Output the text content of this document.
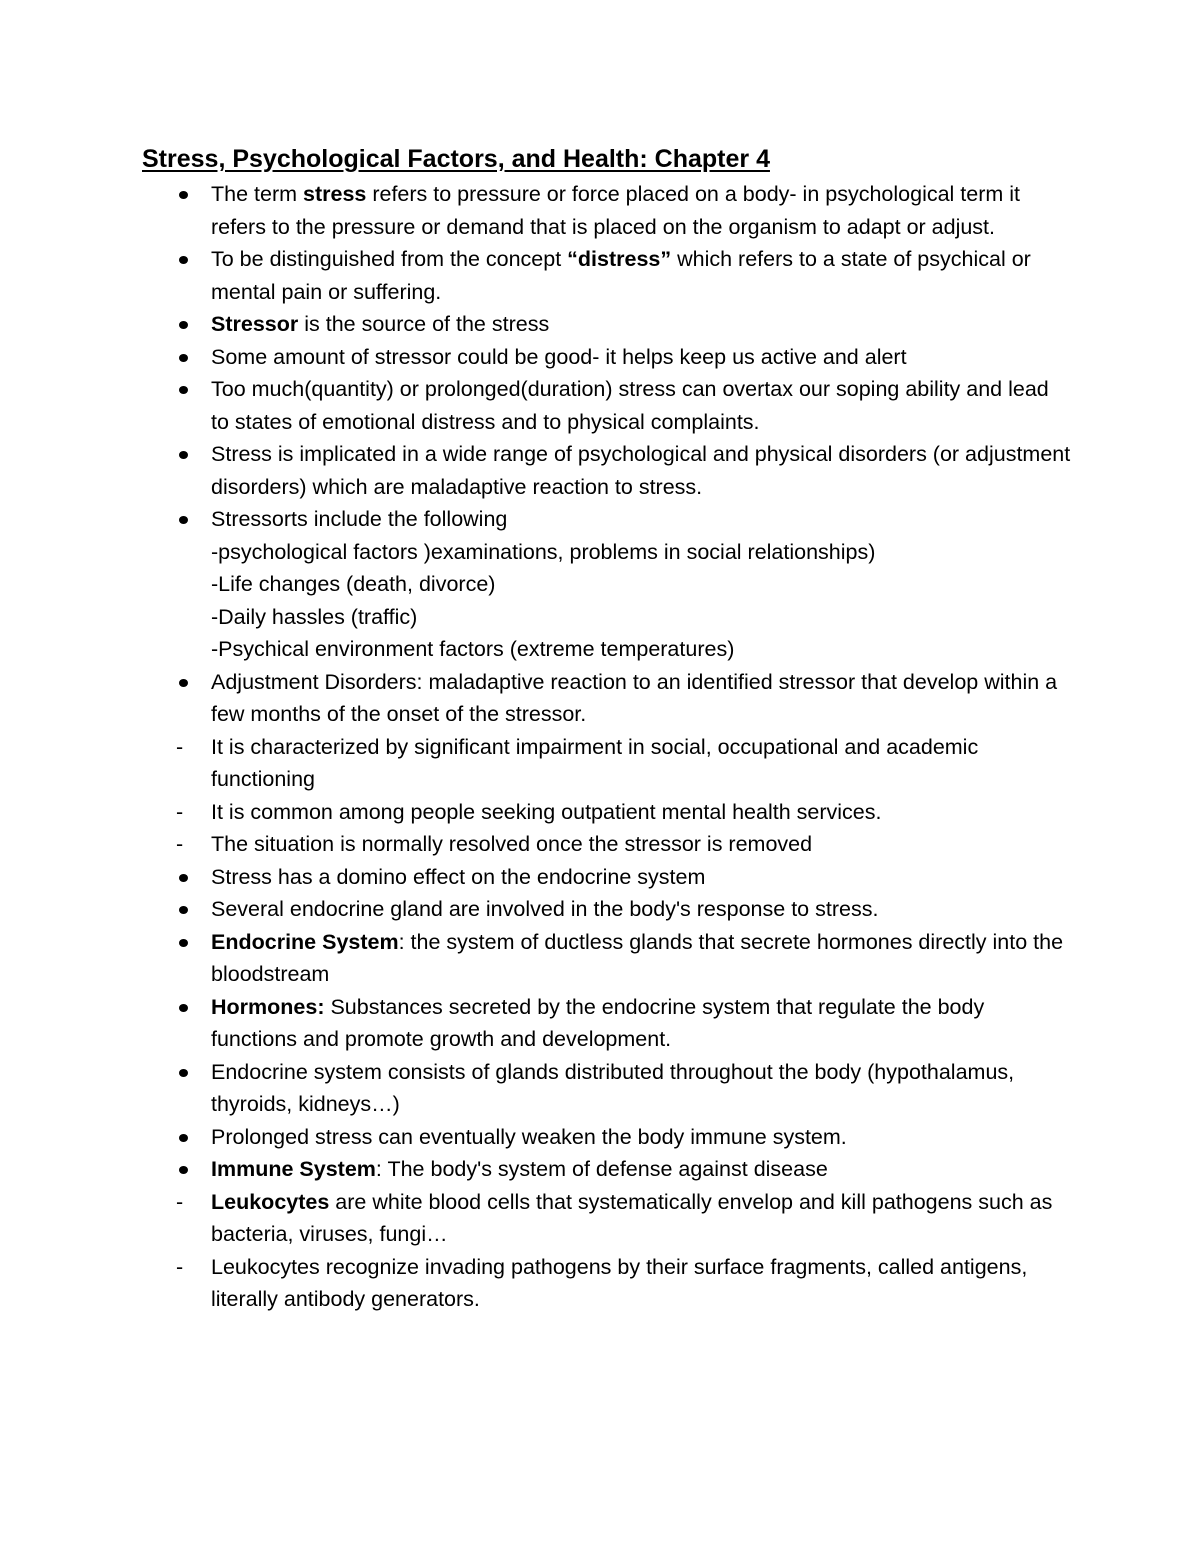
Stress, Psychological Factors, and Health: Chapter 4
The term stress refers to pressure or force placed on a body- in psychological term it refers to the pressure or demand that is placed on the organism to adapt or adjust.
To be distinguished from the concept “distress” which refers to a state of psychical or mental pain or suffering.
Stressor is the source of the stress
Some amount of stressor could be good- it helps keep us active and alert
Too much(quantity) or prolonged(duration) stress can overtax our soping ability and lead to states of emotional distress and to physical complaints.
Stress is implicated in a wide range of psychological and physical disorders (or adjustment disorders) which are maladaptive reaction to stress.
Stressorts include the following
-psychological factors )examinations, problems in social relationships)
-Life changes (death, divorce)
-Daily hassles (traffic)
-Psychical environment factors (extreme temperatures)
Adjustment Disorders: maladaptive reaction to an identified stressor that develop within a few months of the onset of the stressor.
-
It is characterized by significant impairment in social, occupational and academic functioning
-
It is common among people seeking outpatient mental health services.
-
The situation is normally resolved once the stressor is removed
Stress has a domino effect on the endocrine system
Several endocrine gland are involved in the body's response to stress.
Endocrine System: the system of ductless glands that secrete hormones directly into the bloodstream
Hormones: Substances secreted by the endocrine system that regulate the body functions and promote growth and development.
Endocrine system consists of glands distributed throughout the body (hypothalamus, thyroids, kidneys…)
Prolonged stress can eventually weaken the body immune system.
Immune System: The body's system of defense against disease
-
Leukocytes are white blood cells that systematically envelop and kill pathogens such as bacteria, viruses, fungi…
-
Leukocytes recognize invading pathogens by their surface fragments, called antigens, literally antibody generators.
